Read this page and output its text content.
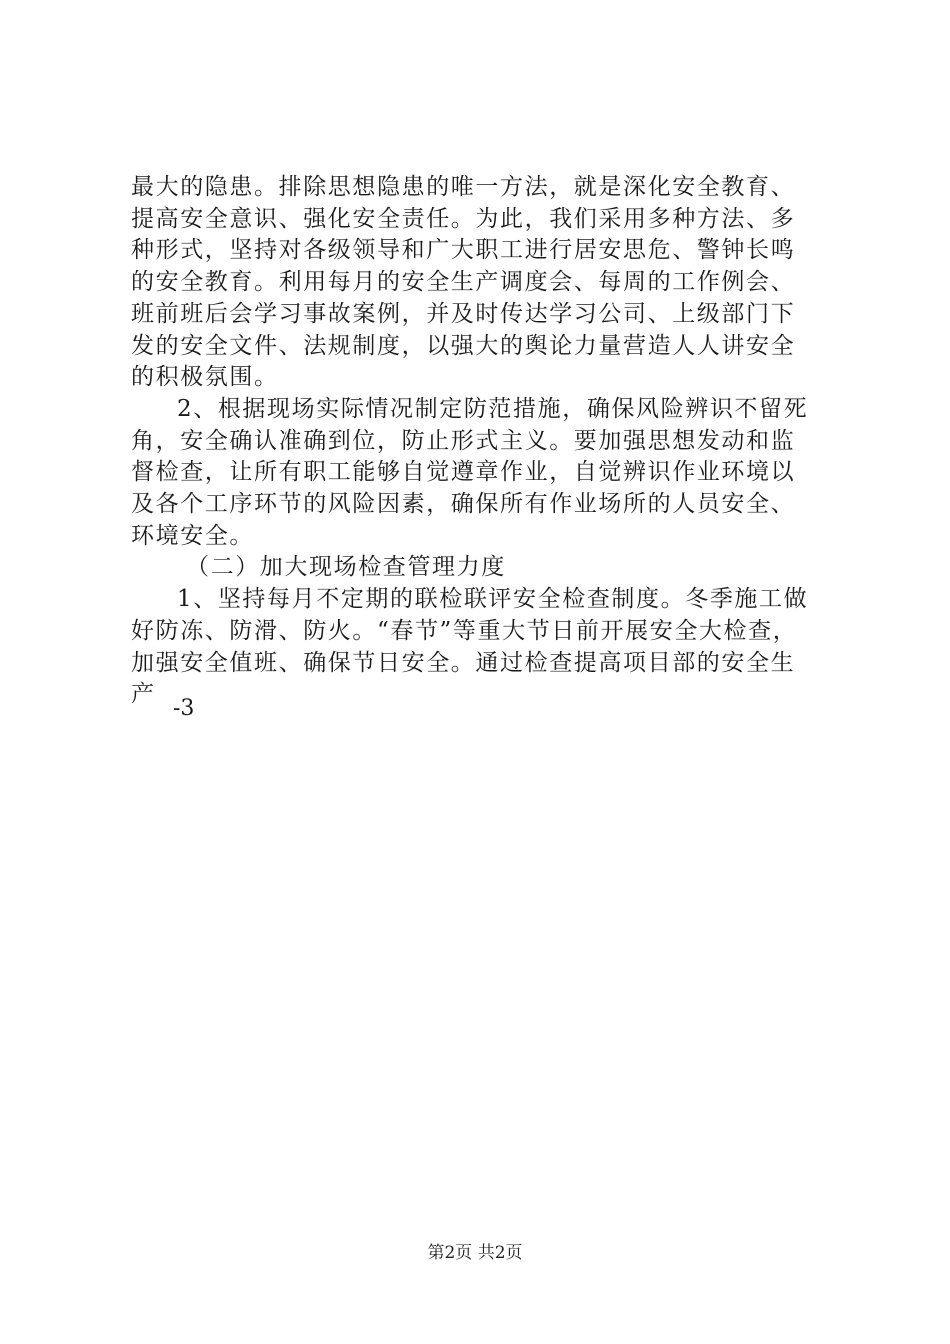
最大的隐患。排除思想隐患的唯一方法，就是深化安全教育、
提高安全意识、强化安全责任。为此，我们采用多种方法、多
种形式，坚持对各级领导和广大职工进行居安思危、警钟长鸣
的安全教育。利用每月的安全生产调度会、每周的工作例会、
班前班后会学习事故案例，并及时传达学习公司、上级部门下
发的安全文件、法规制度，以强大的舆论力量营造人人讲安全
的积极氛围。
2、根据现场实际情况制定防范措施，确保风险辨识不留死
角，安全确认准确到位，防止形式主义。要加强思想发动和监
督检查，让所有职工能够自觉遵章作业，自觉辨识作业环境以
及各个工序环节的风险因素，确保所有作业场所的人员安全、
环境安全。
（二）加大现场检查管理力度
1、坚持每月不定期的联检联评安全检查制度。冬季施工做
好防冻、防滑、防火。“春节”等重大节日前开展安全大检查，
加强安全值班、确保节日安全。通过检查提高项目部的安全生
产
-3
第2页 共2页
